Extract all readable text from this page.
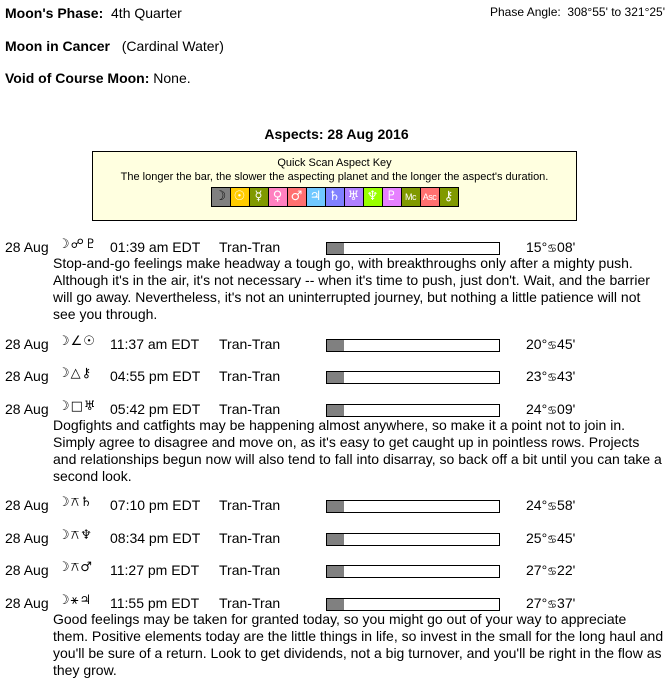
Moon's Phase: 4th Quarter	Phase Angle: 308°55' to 321°25'
Moon in Cancer (Cardinal Water)
Void of Course Moon: None.
Aspects: 28 Aug 2016
Quick Scan Aspect Key
The longer the bar, the slower the aspecting planet and the longer the aspect's duration.
☽ ☉ ☿ ♀ ♂ ♃ ♄ ♅ ♆ ♇ Mc Asc ⚷
28 Aug ☽☍♇ 01:39 am EDT Tran-Tran	15°♋08'
Stop-and-go feelings make headway a tough go, with breakthroughs only after a mighty push. Although it's in the air, it's not necessary -- when it's time to push, just don't. Wait, and the barrier will go away. Nevertheless, it's not an uninterrupted journey, but nothing a little patience will not see you through.
28 Aug ☽∠☉ 11:37 am EDT Tran-Tran	20°♋45'
28 Aug ☽△⚷ 04:55 pm EDT Tran-Tran	23°♋43'
28 Aug ☽□♅ 05:42 pm EDT Tran-Tran	24°♋09'
Dogfights and catfights may be happening almost anywhere, so make it a point not to join in. Simply agree to disagree and move on, as it's easy to get caught up in pointless rows. Projects and relationships begun now will also tend to fall into disarray, so back off a bit until you can take a second look.
28 Aug ☽⚻♄ 07:10 pm EDT Tran-Tran	24°♋58'
28 Aug ☽⚻♆ 08:34 pm EDT Tran-Tran	25°♋45'
28 Aug ☽⚻♂ 11:27 pm EDT Tran-Tran	27°♋22'
28 Aug ☽⚹♃ 11:55 pm EDT Tran-Tran	27°♋37'
Good feelings may be taken for granted today, so you might go out of your way to appreciate them. Positive elements today are the little things in life, so invest in the small for the long haul and you'll be sure of a return. Look to get dividends, not a big turnover, and you'll be right in the flow as they grow.
